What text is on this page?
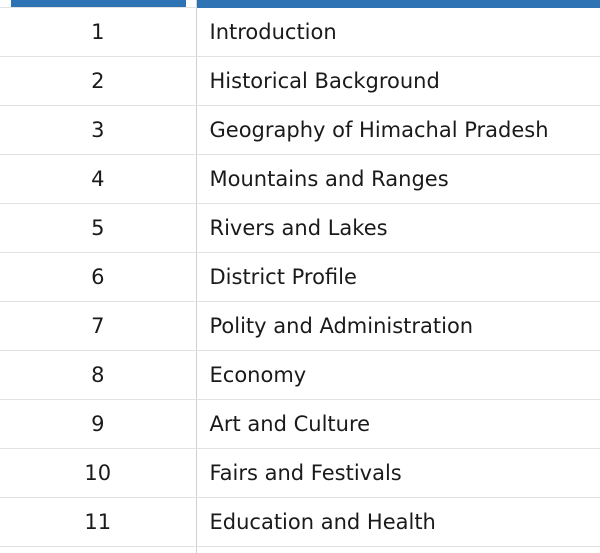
1	Introduction
2	Historical Background
3	Geography of Himachal Pradesh
4	Mountains and Ranges
5	Rivers and Lakes
6	District Profile
7	Polity and Administration
8	Economy
9	Art and Culture
10	Fairs and Festivals
11	Education and Health
